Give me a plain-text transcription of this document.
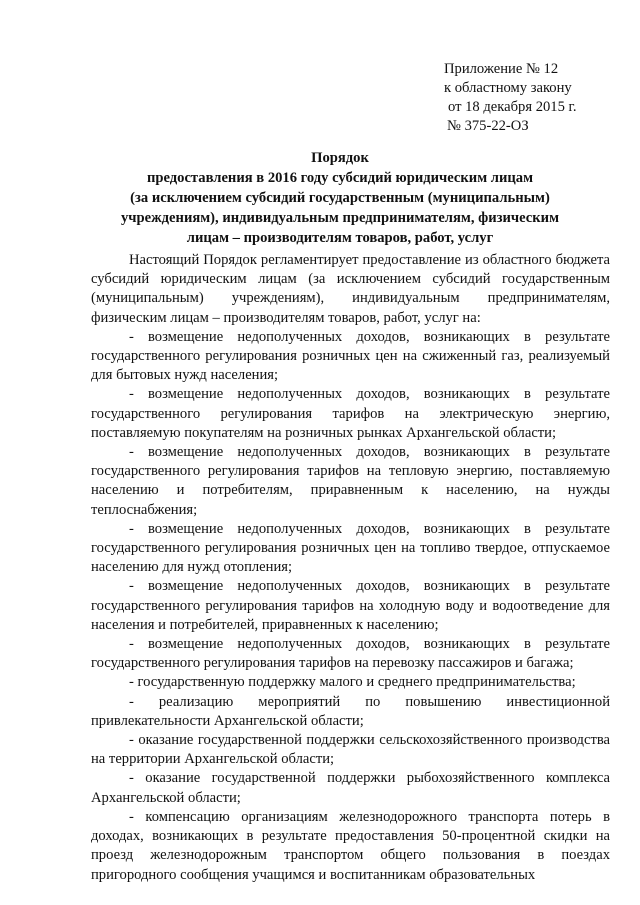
Приложение № 12
к областному закону
от 18 декабря 2015 г.
№ 375-22-ОЗ
Порядок
предоставления в 2016 году субсидий юридическим лицам
(за исключением субсидий государственным (муниципальным)
учреждениям), индивидуальным предпринимателям, физическим
лицам – производителям товаров, работ, услуг

Настоящий Порядок регламентирует предоставление из областного бюджета субсидий юридическим лицам (за исключением субсидий государственным (муниципальным) учреждениям), индивидуальным предпринимателям, физическим лицам – производителям товаров, работ, услуг на:

- возмещение недополученных доходов, возникающих в результате государственного регулирования розничных цен на сжиженный газ, реализуемый для бытовых нужд населения;

- возмещение недополученных доходов, возникающих в результате государственного регулирования тарифов на электрическую энергию, поставляемую покупателям на розничных рынках Архангельской области;

- возмещение недополученных доходов, возникающих в результате государственного регулирования тарифов на тепловую энергию, поставляемую населению и потребителям, приравненным к населению, на нужды теплоснабжения;

- возмещение недополученных доходов, возникающих в результате государственного регулирования розничных цен на топливо твердое, отпускаемое населению для нужд отопления;

- возмещение недополученных доходов, возникающих в результате государственного регулирования тарифов на холодную воду и водоотведение для населения и потребителей, приравненных к населению;

- возмещение недополученных доходов, возникающих в результате государственного регулирования тарифов на перевозку пассажиров и багажа;

- государственную поддержку малого и среднего предпринимательства;

- реализацию мероприятий по повышению инвестиционной привлекательности Архангельской области;

- оказание государственной поддержки сельскохозяйственного производства на территории Архангельской области;

- оказание государственной поддержки рыбохозяйственного комплекса Архангельской области;

- компенсацию организациям железнодорожного транспорта потерь в доходах, возникающих в результате предоставления 50-процентной скидки на проезд железнодорожным транспортом общего пользования в поездах пригородного сообщения учащимся и воспитанникам образовательных
